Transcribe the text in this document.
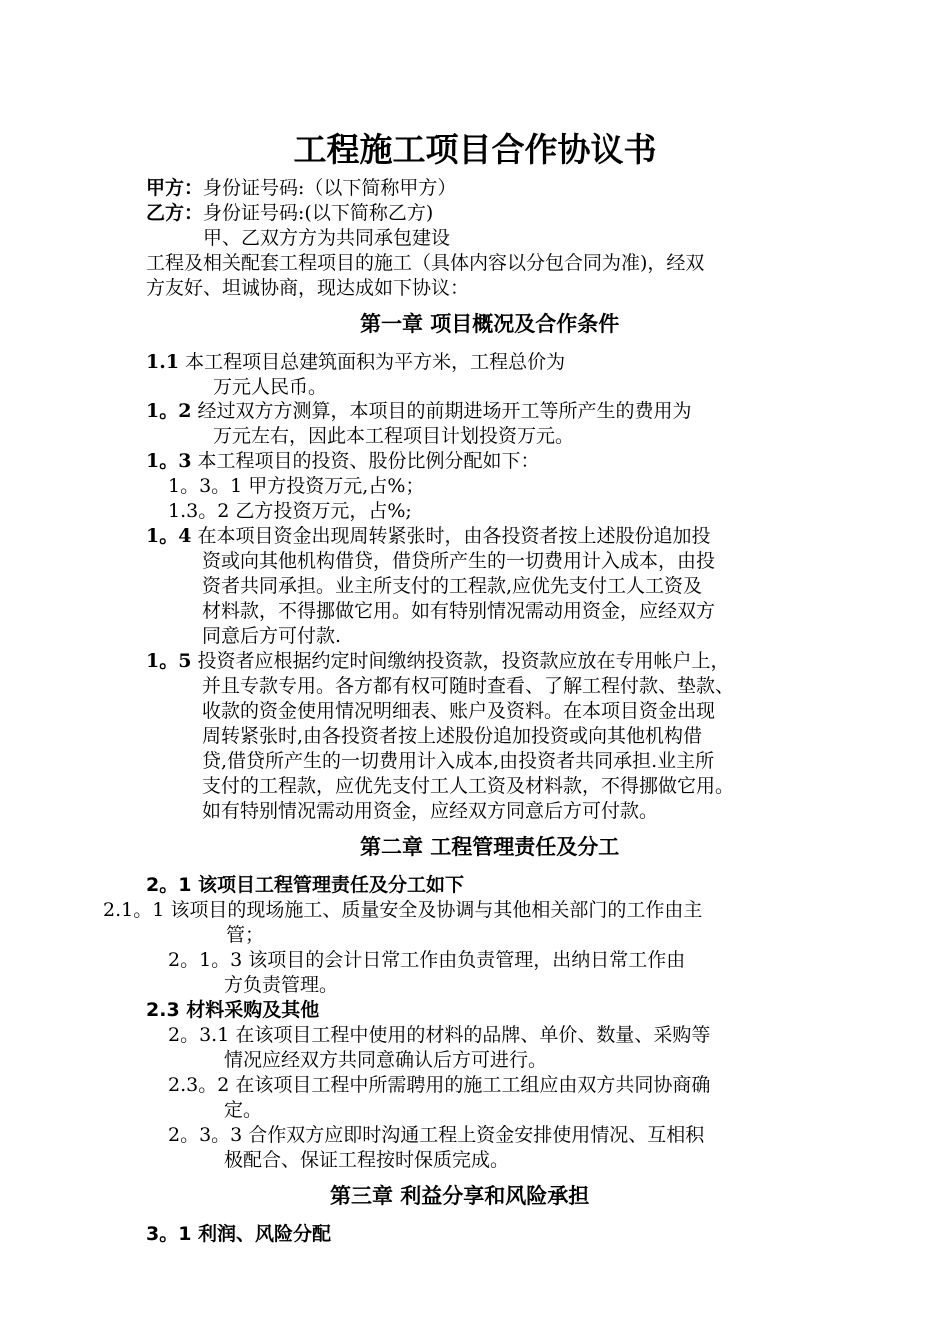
工程施工项目合作协议书
甲方：身份证号码:（以下简称甲方）
乙方：身份证号码:(以下简称乙方)
甲、乙双方方为共同承包建设
工程及相关配套工程项目的施工（具体内容以分包合同为准)，经双
方友好、坦诚协商，现达成如下协议：
第一章 项目概况及合作条件
1.1 本工程项目总建筑面积为平方米，工程总价为
万元人民币。
1。2 经过双方方测算，本项目的前期进场开工等所产生的费用为
万元左右，因此本工程项目计划投资万元。
1。3 本工程项目的投资、股份比例分配如下：
1。3。1 甲方投资万元,占%；
1.3。2 乙方投资万元，占%;
1。4 在本项目资金出现周转紧张时，由各投资者按上述股份追加投
资或向其他机构借贷，借贷所产生的一切费用计入成本，由投
资者共同承担。业主所支付的工程款,应优先支付工人工资及
材料款，不得挪做它用。如有特别情况需动用资金，应经双方
同意后方可付款.
1。5 投资者应根据约定时间缴纳投资款，投资款应放在专用帐户上，
并且专款专用。各方都有权可随时查看、了解工程付款、垫款、
收款的资金使用情况明细表、账户及资料。在本项目资金出现
周转紧张时,由各投资者按上述股份追加投资或向其他机构借
贷,借贷所产生的一切费用计入成本,由投资者共同承担.业主所
支付的工程款，应优先支付工人工资及材料款，不得挪做它用。
如有特别情况需动用资金，应经双方同意后方可付款。
第二章 工程管理责任及分工
2。1 该项目工程管理责任及分工如下
2.1。1 该项目的现场施工、质量安全及协调与其他相关部门的工作由主
管；
2。1。3 该项目的会计日常工作由负责管理，出纳日常工作由
方负责管理。
2.3 材料采购及其他
2。3.1 在该项目工程中使用的材料的品牌、单价、数量、采购等
情况应经双方共同意确认后方可进行。
2.3。2 在该项目工程中所需聘用的施工工组应由双方共同协商确
定。
2。3。3 合作双方应即时沟通工程上资金安排使用情况、互相积
极配合、保证工程按时保质完成。
第三章 利益分享和风险承担
3。1 利润、风险分配
